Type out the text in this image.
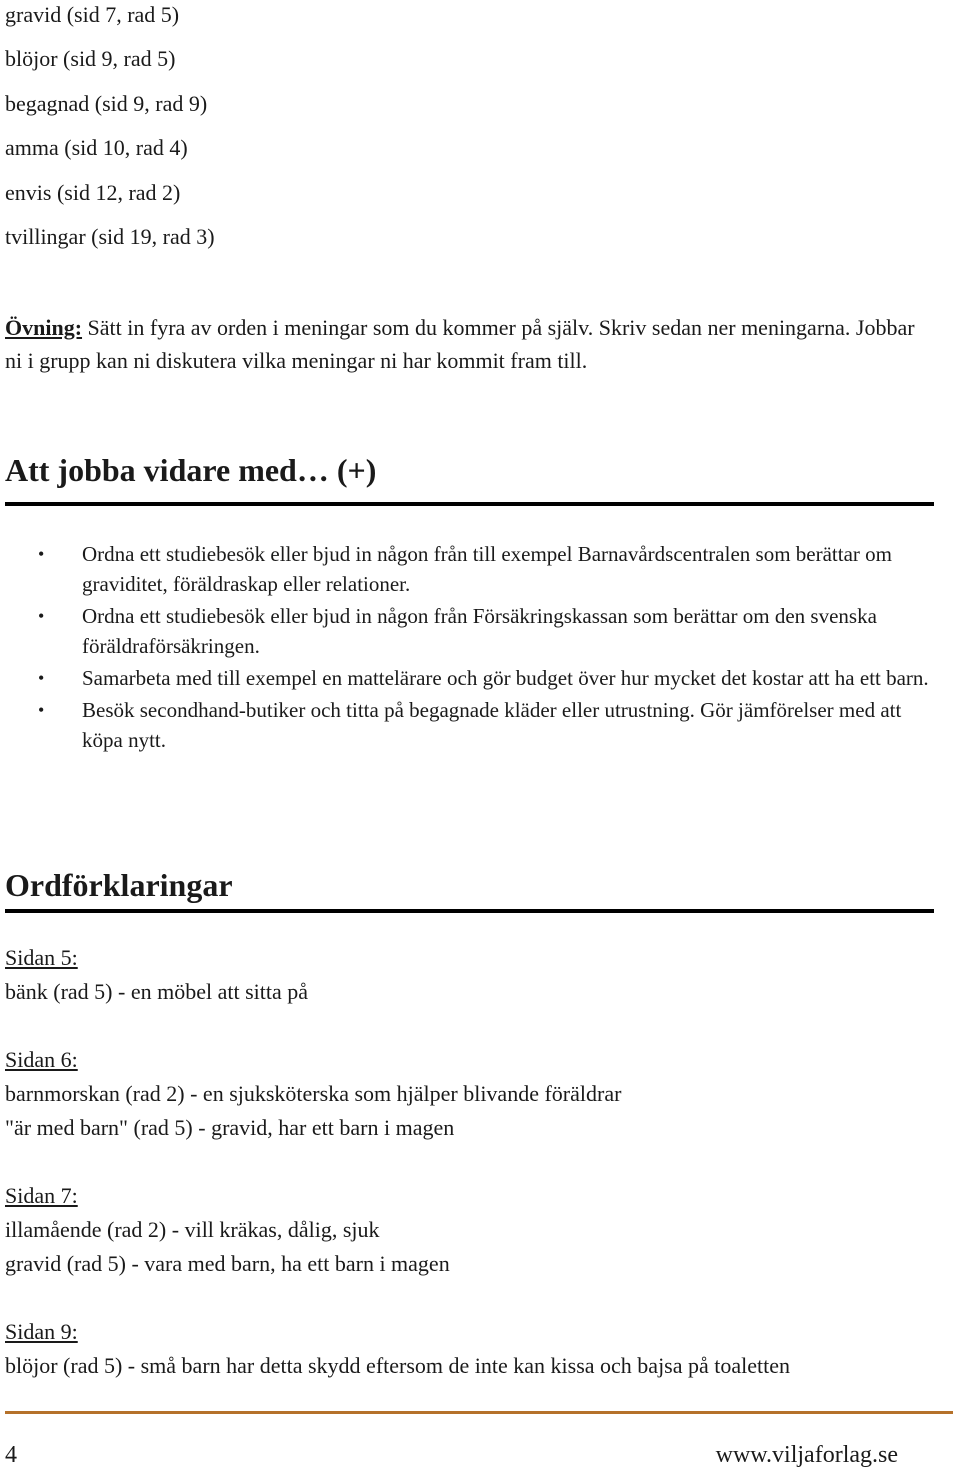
gravid (sid 7, rad 5)
blöjor (sid 9, rad 5)
begagnad (sid 9, rad 9)
amma (sid 10, rad 4)
envis (sid 12, rad 2)
tvillingar (sid 19, rad 3)

Övning: Sätt in fyra av orden i meningar som du kommer på själv. Skriv sedan ner meningarna. Jobbar ni i grupp kan ni diskutera vilka meningar ni har kommit fram till.

Att jobba vidare med… (+)
• Ordna ett studiebesök eller bjud in någon från till exempel Barnavårdscentralen som berättar om graviditet, föräldraskap eller relationer.
• Ordna ett studiebesök eller bjud in någon från Försäkringskassan som berättar om den svenska föräldraförsäkringen.
• Samarbeta med till exempel en mattelärare och gör budget över hur mycket det kostar att ha ett barn.
• Besök secondhand-butiker och titta på begagnade kläder eller utrustning. Gör jämförelser med att köpa nytt.
Ordförklaringar
Sidan 5:
bänk (rad 5) - en möbel att sitta på
Sidan 6:
barnmorskan (rad 2) - en sjuksköterska som hjälper blivande föräldrar
"är med barn" (rad 5) - gravid, har ett barn i magen
Sidan 7:
illamående (rad 2) - vill kräkas, dålig, sjuk
gravid (rad 5) - vara med barn, ha ett barn i magen
Sidan 9:
blöjor (rad 5) - små barn har detta skydd eftersom de inte kan kissa och bajsa på toaletten
4	www.viljaforlag.se
